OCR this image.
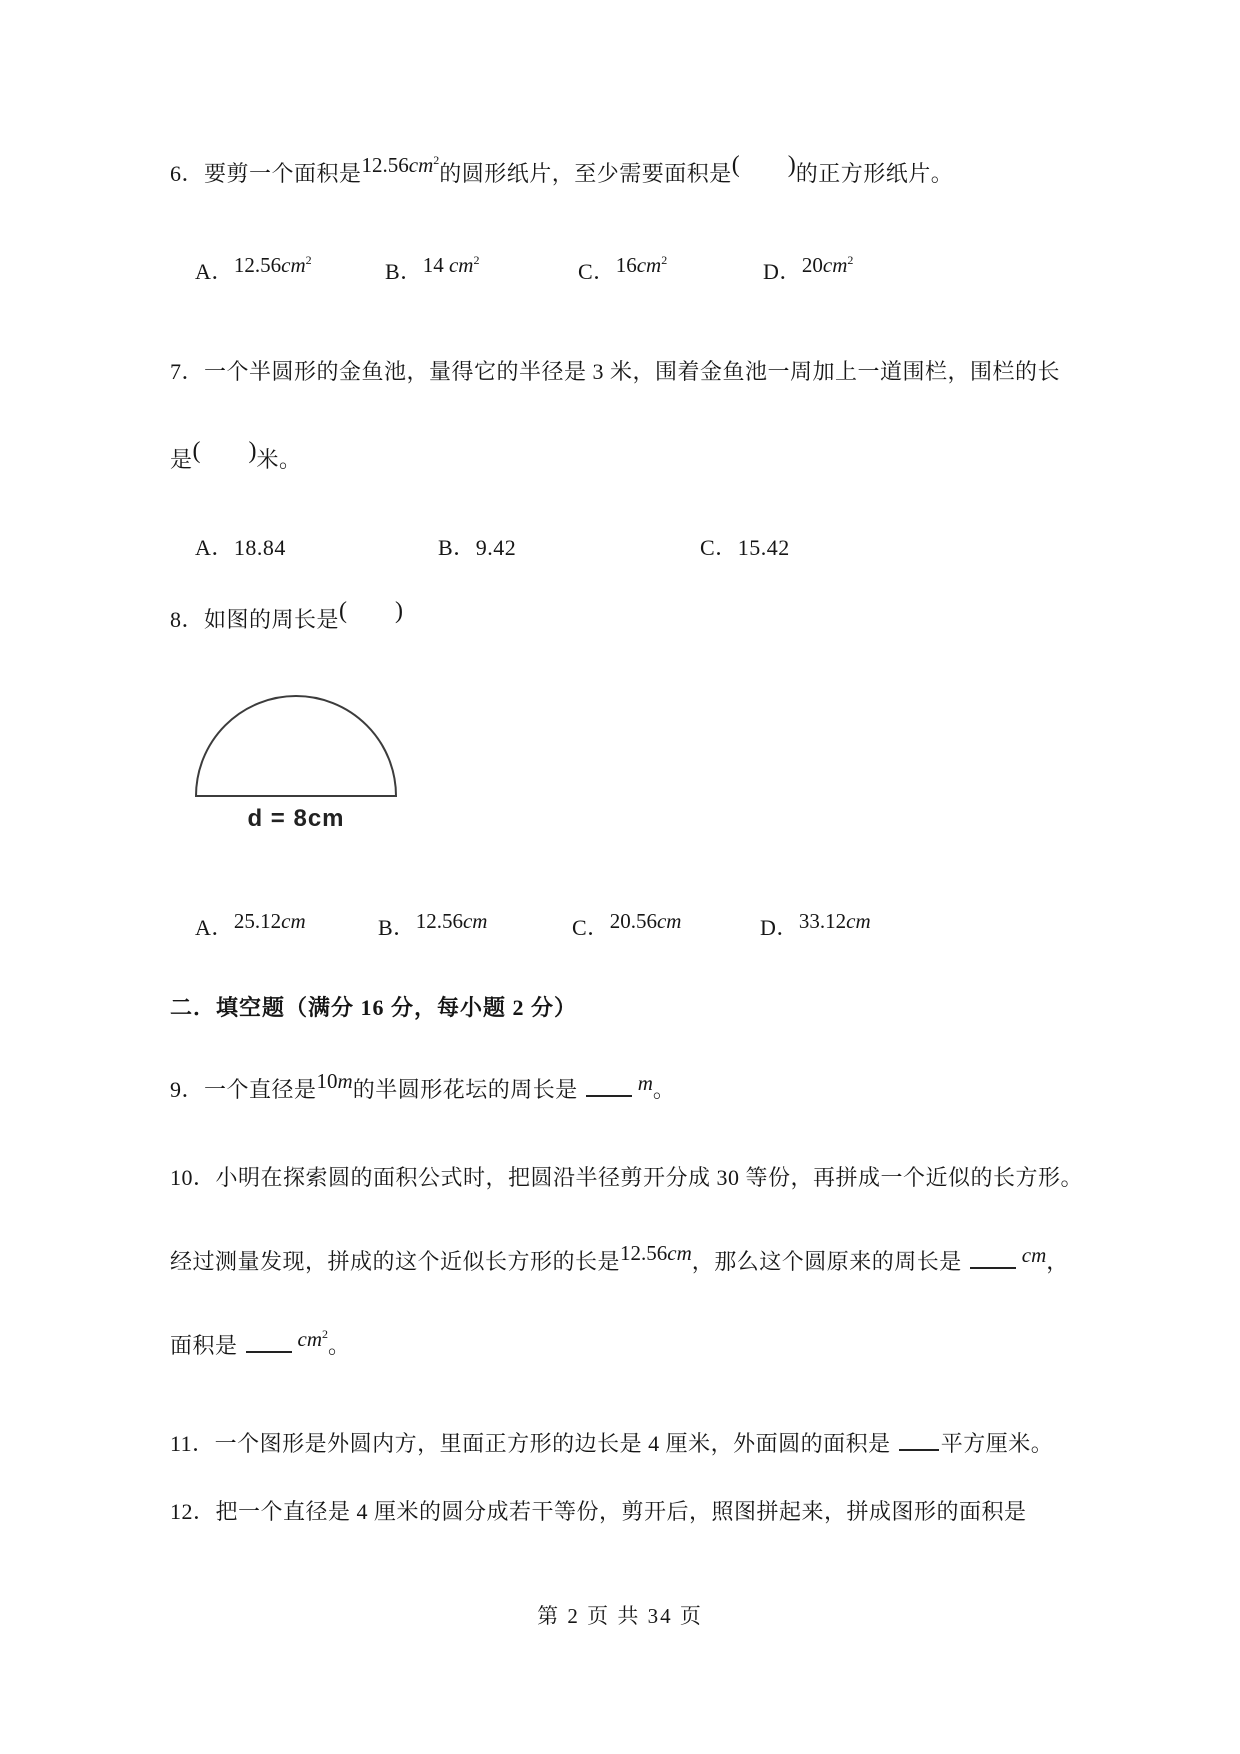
6．要剪一个面积是$12.56cm^2$的圆形纸片，至少需要面积是(　　)的正方形纸片。
A．$12.56cm^2$	B．14 $cm^2$	C．$16cm^2$	D．$20cm^2$
7．一个半圆形的金鱼池，量得它的半径是 3 米，围着金鱼池一周加上一道围栏，围栏的长
是(　　)米。
A．18.84	B．9.42	C．15.42
8．如图的周长是(　　)
d = 8cm
A．25.12cm	B．12.56cm	C．20.56cm	D．33.12cm
二．填空题（满分 16 分，每小题 2 分）
9．一个直径是10m的半圆形花坛的周长是	m。
10．小明在探索圆的面积公式时，把圆沿半径剪开分成 30 等份，再拼成一个近似的长方形。
经过测量发现，拼成的这个近似长方形的长是12.56cm，那么这个圆原来的周长是	cm，
面积是	$cm^2$。
11．一个图形是外圆内方，里面正方形的边长是 4 厘米，外面圆的面积是 平方厘米。
12．把一个直径是 4 厘米的圆分成若干等份，剪开后，照图拼起来，拼成图形的面积是
第 2 页 共 34 页
